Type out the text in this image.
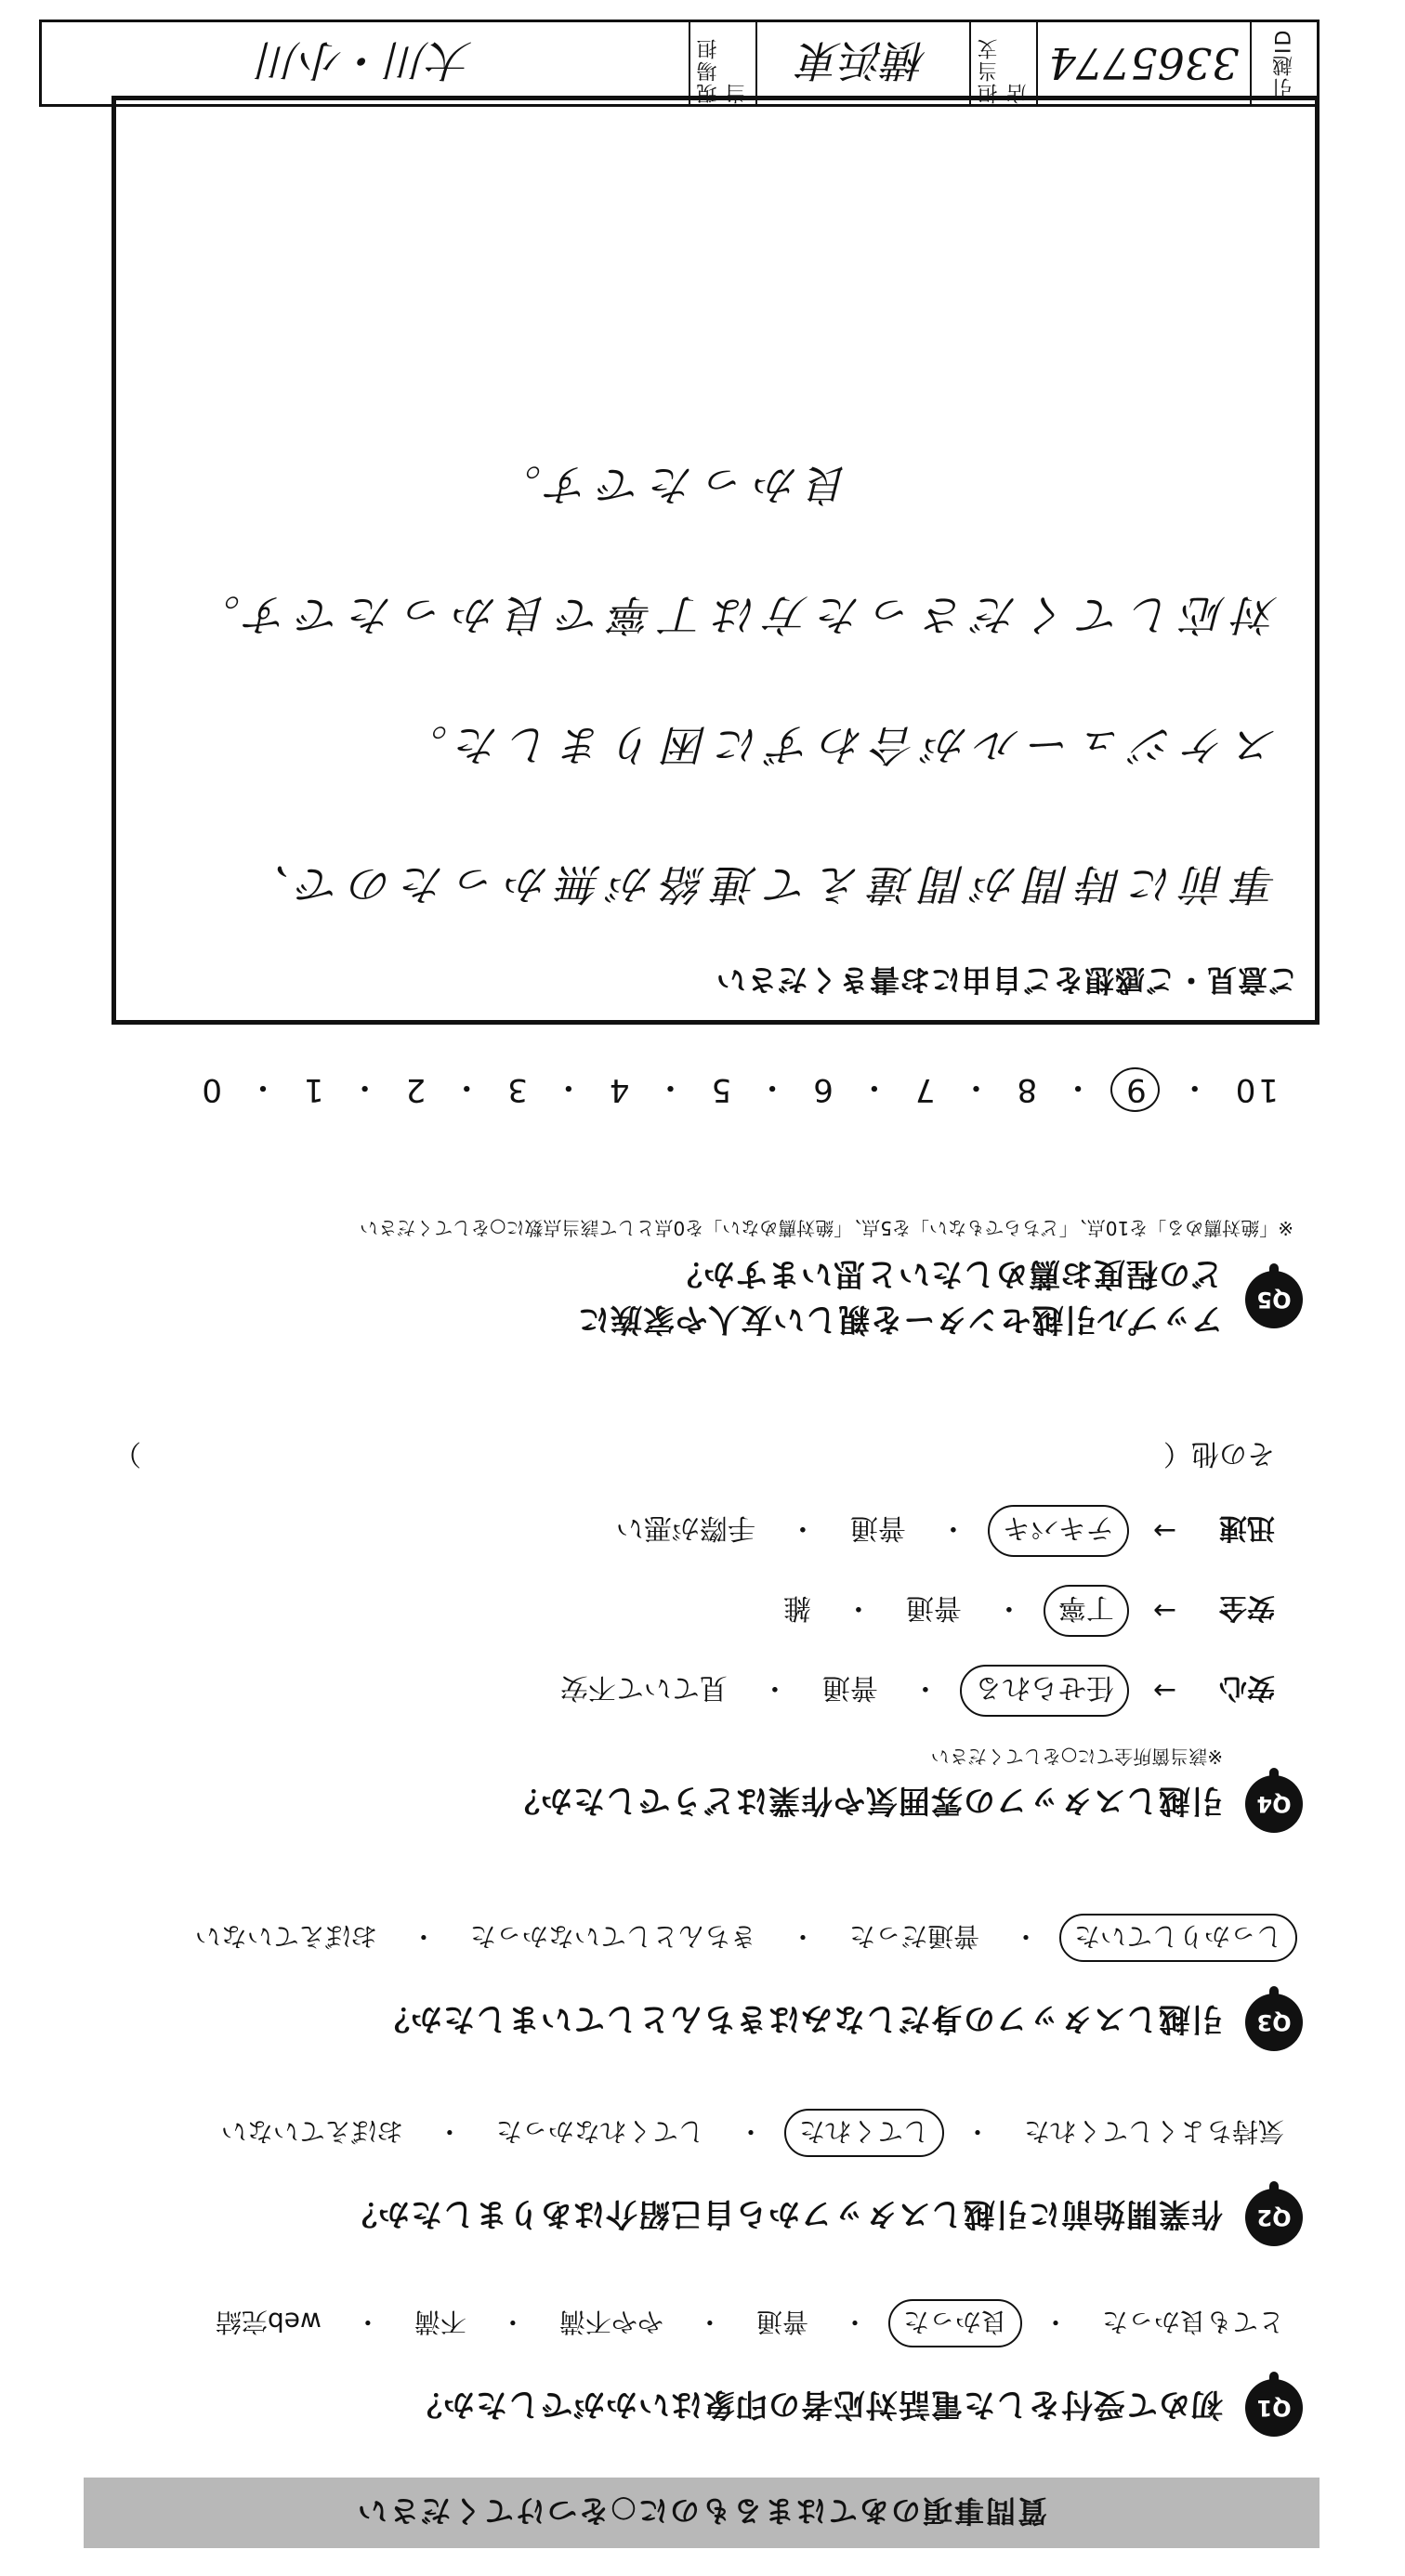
引越ID
3365774
担当支店
横浜東
現場担当
大川・小川
質問事項のあてはまるものに○をつけてください
Q1
初めて受付をした電話対応者の印象はいかがでしたか？
とても良かった
・
良かった
・
普通
・
やや不満
・
不満
・
web完結
Q2
作業開始前に引越しスタッフから自己紹介はありましたか？
気持ちよくしてくれた
・
してくれた
・
してくれなかった
・
おぼえていない
Q3
引越しスタッフの身だしなみはきちんとしていましたか？
しっかりしていた
・
普通だった
・
きちんとしていなかった
・
おぼえていない
Q4
引越しスタッフの雰囲気や作業はどうでしたか？
※該当箇所全てに○をしてください
安心
→
任せられる
・
普通
・
見ていて不安
安全
→
丁寧
・
普通
・
雑
迅速
→
テキパキ
・
普通
・
手際が悪い
その他（
）
Q5
アップル引越センターを親しい友人や家族に
どの程度お薦めしたいと思いますか？
※「絶対薦める」を10点、「どちらでもない」を5点、「絶対薦めない」を0点として該当点数に○をしてください
10
・
9
・
8
・
7
・
6
・
5
・
4
・
3
・
2
・
1
・
0
ご意見・ご感想をご自由にお書きください
事前に時間が間違えて連絡が無かったので、
スケジュールが合わずに困りました。
対応してくださった方は丁寧で良かったです。
良かったです。
